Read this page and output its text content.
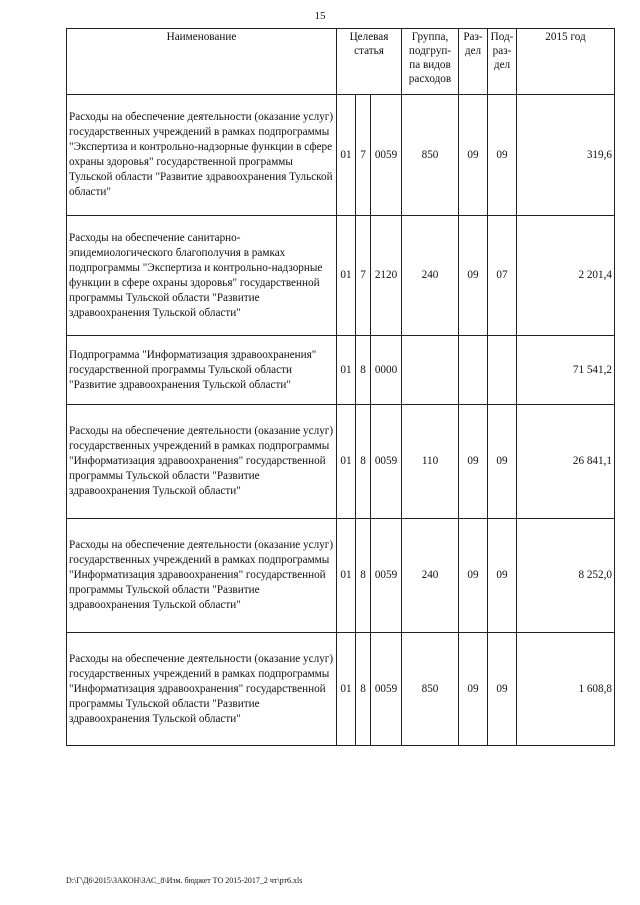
15
Наименование	Целевая статья			Группа, подгруп-па видов расходов	Раз-дел	Под-раз-дел	2015 год
Расходы на обеспечение деятельности (оказание услуг) государственных учреждений в рамках подпрограммы "Экспертиза и контрольно-надзорные функции в сфере охраны здоровья" государственной программы Тульской области "Развитие здравоохранения Тульской области"	01	7	0059	850	09	09	319,6
Расходы на обеспечение санитарно-эпидемиологического благополучия в рамках подпрограммы "Экспертиза и контрольно-надзорные функции в сфере охраны здоровья" государственной программы Тульской области "Развитие здравоохранения Тульской области"	01	7	2120	240	09	07	2 201,4
Подпрограмма "Информатизация здравоохранения" государственной программы Тульской области "Развитие здравоохранения Тульской области"	01	8	0000				71 541,2
Расходы на обеспечение деятельности (оказание услуг) государственных учреждений в рамках подпрограммы "Информатизация здравоохранения" государственной программы Тульской области "Развитие здравоохранения Тульской области"	01	8	0059	110	09	09	26 841,1
Расходы на обеспечение деятельности (оказание услуг) государственных учреждений в рамках подпрограммы "Информатизация здравоохранения" государственной программы Тульской области "Развитие здравоохранения Тульской области"	01	8	0059	240	09	09	8 252,0
Расходы на обеспечение деятельности (оказание услуг) государственных учреждений в рамках подпрограммы "Информатизация здравоохранения" государственной программы Тульской области "Развитие здравоохранения Тульской области"	01	8	0059	850	09	09	1 608,8
D:\Г\Д6\2015\ЗАКОН\ЗАС_8\Изм. бюджет ТО 2015-2017_2 чт\рт6.xls
